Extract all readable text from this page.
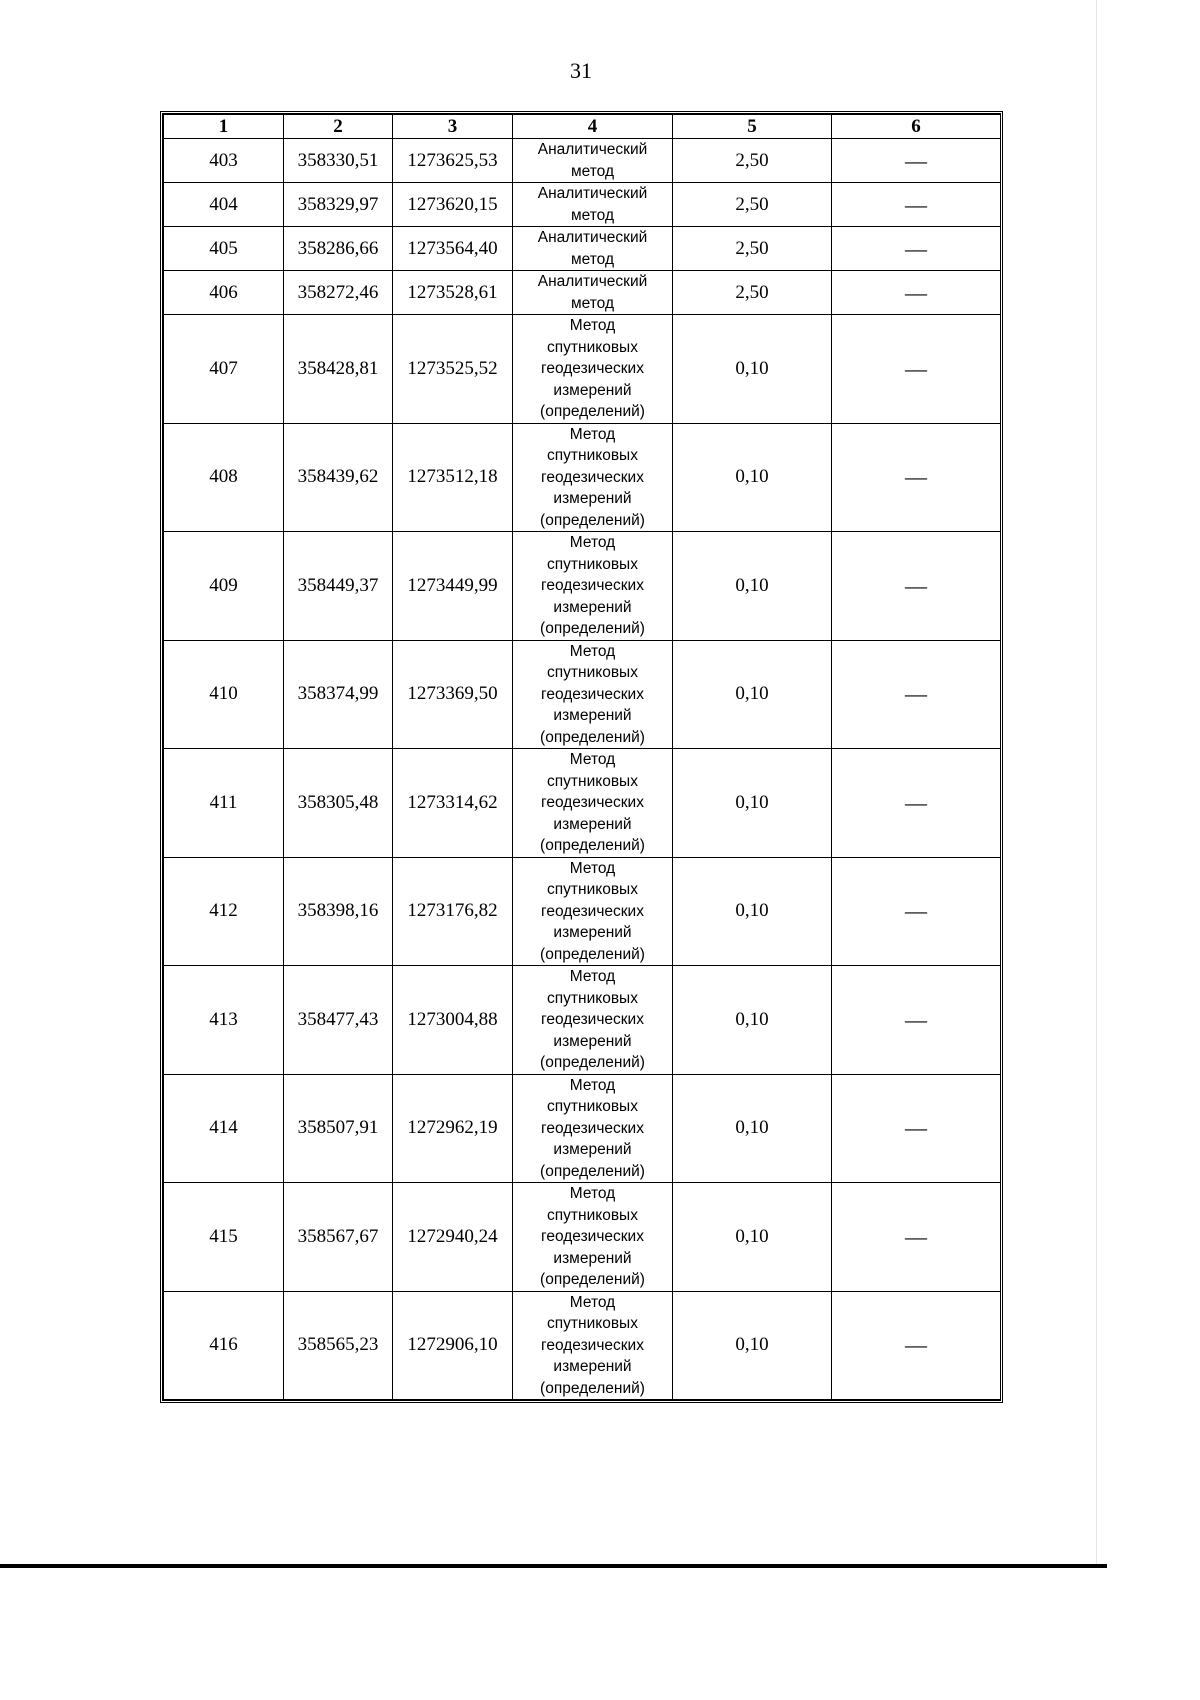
31
1	2	3	4	5	6
403	358330,51	1273625,53	Аналитический
метод	2,50	—
404	358329,97	1273620,15	Аналитический
метод	2,50	—
405	358286,66	1273564,40	Аналитический
метод	2,50	—
406	358272,46	1273528,61	Аналитический
метод	2,50	—
407	358428,81	1273525,52	Метод
спутниковых
геодезических
измерений
(определений)	0,10	—
408	358439,62	1273512,18	Метод
спутниковых
геодезических
измерений
(определений)	0,10	—
409	358449,37	1273449,99	Метод
спутниковых
геодезических
измерений
(определений)	0,10	—
410	358374,99	1273369,50	Метод
спутниковых
геодезических
измерений
(определений)	0,10	—
411	358305,48	1273314,62	Метод
спутниковых
геодезических
измерений
(определений)	0,10	—
412	358398,16	1273176,82	Метод
спутниковых
геодезических
измерений
(определений)	0,10	—
413	358477,43	1273004,88	Метод
спутниковых
геодезических
измерений
(определений)	0,10	—
414	358507,91	1272962,19	Метод
спутниковых
геодезических
измерений
(определений)	0,10	—
415	358567,67	1272940,24	Метод
спутниковых
геодезических
измерений
(определений)	0,10	—
416	358565,23	1272906,10	Метод
спутниковых
геодезических
измерений
(определений)	0,10	—
